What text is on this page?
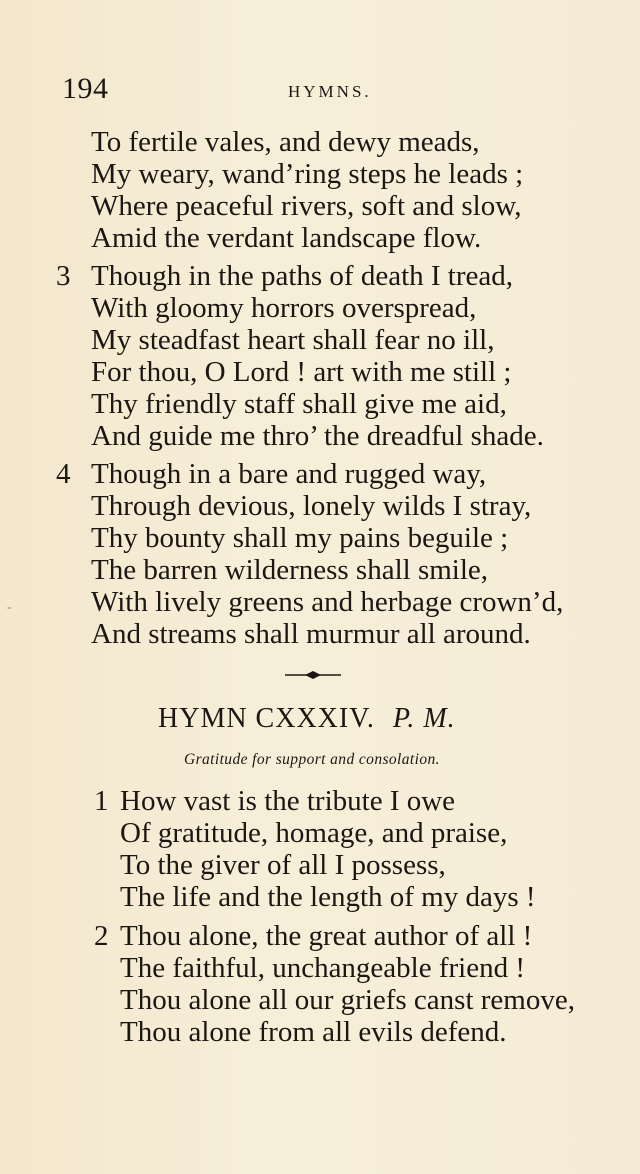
194	HYMNS.
-
To fertile vales, and dewy meads,
My weary, wand’ring steps he leads ;
Where peaceful rivers, soft and slow,
Amid the verdant landscape flow.
3 Though in the paths of death I tread,
With gloomy horrors overspread,
My steadfast heart shall fear no ill,
For thou, O Lord ! art with me still ;
Thy friendly staff shall give me aid,
And guide me thro’ the dreadful shade.
4 Though in a bare and rugged way,
Through devious, lonely wilds I stray,
Thy bounty shall my pains beguile ;
The barren wilderness shall smile,
With lively greens and herbage crown’d,
And streams shall murmur all around.
HYMN CXXXIV. P. M.
Gratitude for support and consolation.
1 How vast is the tribute I owe
Of gratitude, homage, and praise,
To the giver of all I possess,
The life and the length of my days !
2 Thou alone, the great author of all !
The faithful, unchangeable friend !
Thou alone all our griefs canst remove,
Thou alone from all evils defend.
